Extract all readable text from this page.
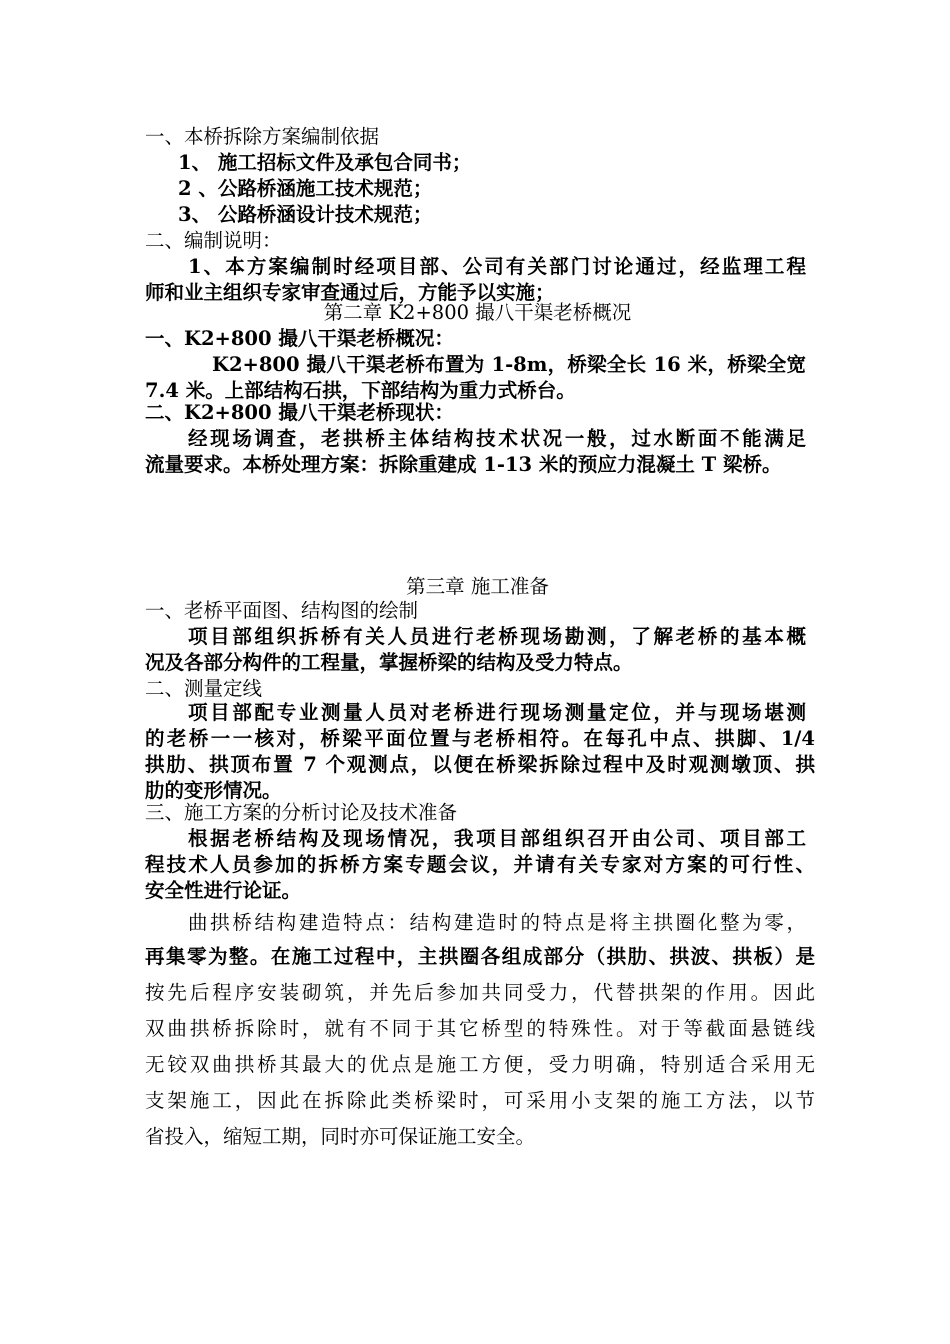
一、本桥拆除方案编制依据
1、 施工招标文件及承包合同书；
2 、公路桥涵施工技术规范；
3、 公路桥涵设计技术规范；
二、编制说明：
1、本方案编制时经项目部、公司有关部门讨论通过，经监理工程
师和业主组织专家审查通过后，方能予以实施；
第二章 K2+800 撮八干渠老桥概况
一、K2+800 撮八干渠老桥概况：
K2+800 撮八干渠老桥布置为 1-8m，桥梁全长 16 米，桥梁全宽
7.4 米。上部结构石拱，下部结构为重力式桥台。
二、K2+800 撮八干渠老桥现状：
经现场调查，老拱桥主体结构技术状况一般，过水断面不能满足
流量要求。本桥处理方案：拆除重建成 1-13 米的预应力混凝土 T 梁桥。
第三章 施工准备
一、老桥平面图、结构图的绘制
项目部组织拆桥有关人员进行老桥现场勘测，了解老桥的基本概
况及各部分构件的工程量，掌握桥梁的结构及受力特点。
二、测量定线
项目部配专业测量人员对老桥进行现场测量定位，并与现场堪测
的老桥一一核对，桥梁平面位置与老桥相符。在每孔中点、拱脚、1/4
拱肋、拱顶布置 7 个观测点，以便在桥梁拆除过程中及时观测墩顶、拱
肋的变形情况。
三、施工方案的分析讨论及技术准备
根据老桥结构及现场情况，我项目部组织召开由公司、项目部工
程技术人员参加的拆桥方案专题会议，并请有关专家对方案的可行性、
安全性进行论证。
曲拱桥结构建造特点：结构建造时的特点是将主拱圈化整为零，
再集零为整。在施工过程中，主拱圈各组成部分（拱肋、拱波、拱板）是
按先后程序安装砌筑，并先后参加共同受力，代替拱架的作用。因此
双曲拱桥拆除时，就有不同于其它桥型的特殊性。对于等截面悬链线
无铰双曲拱桥其最大的优点是施工方便，受力明确，特别适合采用无
支架施工，因此在拆除此类桥梁时，可采用小支架的施工方法，以节
省投入，缩短工期，同时亦可保证施工安全。
